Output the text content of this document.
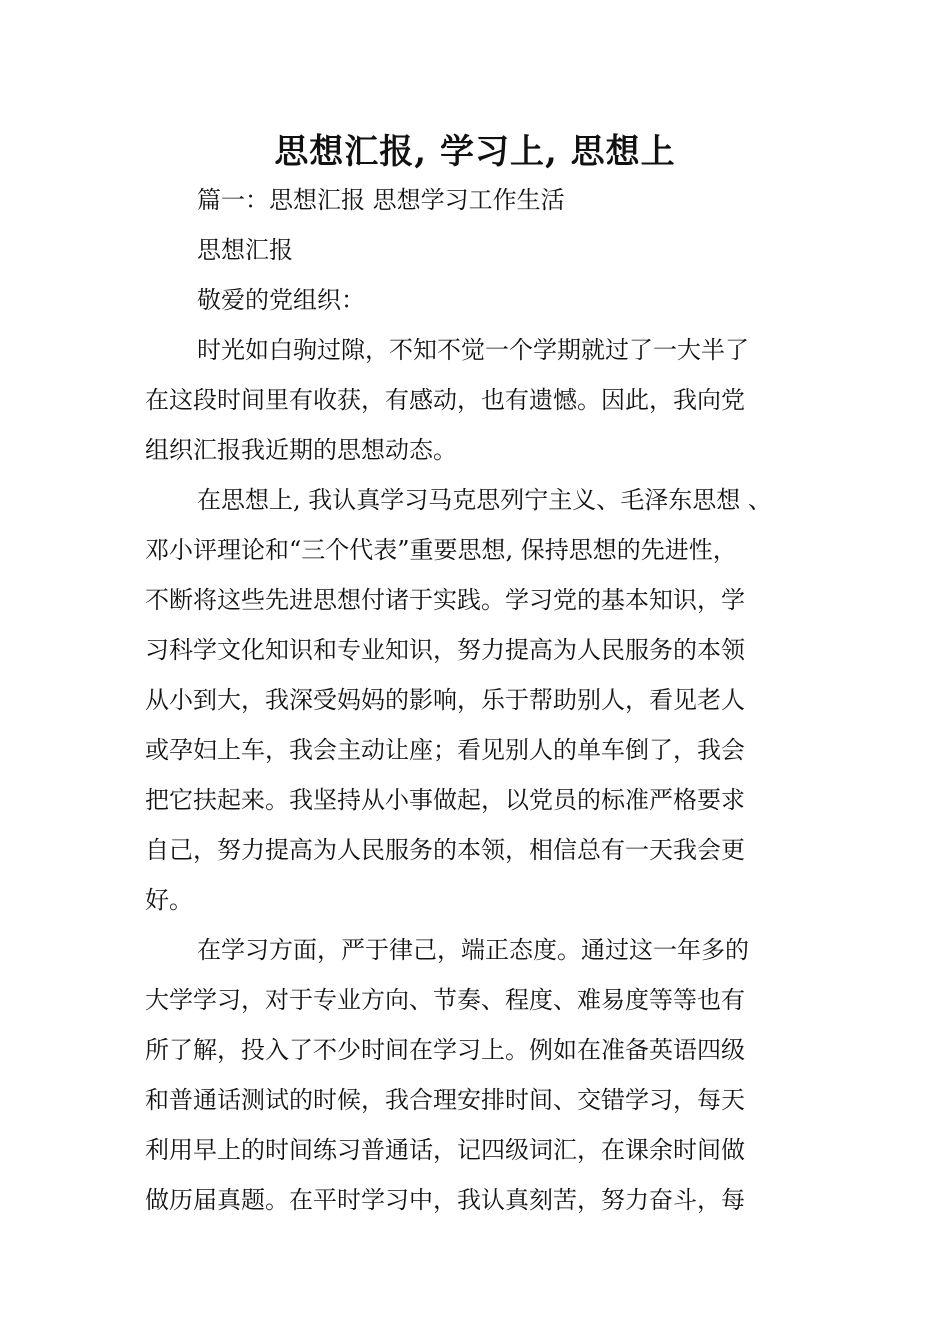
思想汇报, 学习上, 思想上
篇一：思想汇报 思想学习工作生活
思想汇报
敬爱的党组织：
时光如白驹过隙，不知不觉一个学期就过了一大半了
在这段时间里有收获，有感动，也有遗憾。因此，我向党
组织汇报我近期的思想动态。
在思想上, 我认真学习马克思列宁主义、毛泽东思想 、
邓小评理论和“三个代表”重要思想, 保持思想的先进性，
不断将这些先进思想付诸于实践。学习党的基本知识，学
习科学文化知识和专业知识，努力提高为人民服务的本领
从小到大，我深受妈妈的影响，乐于帮助别人，看见老人
或孕妇上车，我会主动让座；看见别人的单车倒了，我会
把它扶起来。我坚持从小事做起，以党员的标准严格要求
自己，努力提高为人民服务的本领，相信总有一天我会更
好。
在学习方面，严于律己，端正态度。通过这一年多的
大学学习，对于专业方向、节奏、程度、难易度等等也有
所了解，投入了不少时间在学习上。例如在准备英语四级
和普通话测试的时候，我合理安排时间、交错学习，每天
利用早上的时间练习普通话，记四级词汇，在课余时间做
做历届真题。在平时学习中，我认真刻苦，努力奋斗，每
